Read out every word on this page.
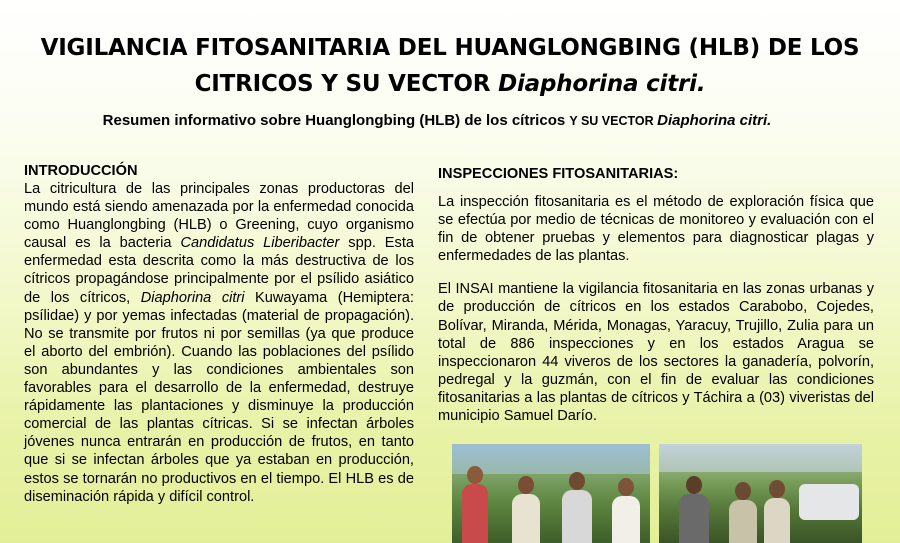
VIGILANCIA FITOSANITARIA DEL HUANGLONGBING (HLB) DE LOS
CITRICOS Y SU VECTOR Diaphorina citri.
Resumen informativo sobre Huanglongbing (HLB) de los cítricos Y SU VECTOR Diaphorina citri.
INTRODUCCIÓN

La citricultura de las principales zonas productoras del mundo está siendo amenazada por la enfermedad conocida como Huanglongbing (HLB) o Greening, cuyo organismo causal es la bacteria Candidatus Liberibacter spp. Esta enfermedad esta descrita como la más destructiva de los cítricos propagándose principalmente por el psílido asiático de los cítricos, Diaphorina citri Kuwayama (Hemiptera: psílidae) y por yemas infectadas (material de propagación). No se transmite por frutos ni por semillas (ya que produce el aborto del embrión). Cuando las poblaciones del psílido son abundantes y las condiciones ambientales son favorables para el desarrollo de la enfermedad, destruye rápidamente las plantaciones y disminuye la producción comercial de las plantas cítricas. Si se infectan árboles jóvenes nunca entrarán en producción de frutos, en tanto que si se infectan árboles que ya estaban en producción, estos se tornarán no productivos en el tiempo. El HLB es de diseminación rápida y difícil control.

INSPECCIONES FITOSANITARIAS:

La inspección fitosanitaria es el método de exploración física que se efectúa por medio de técnicas de monitoreo y evaluación con el fin de obtener pruebas y elementos para diagnosticar plagas y enfermedades de las plantas.

El INSAI mantiene la vigilancia fitosanitaria en las zonas urbanas y de producción de cítricos en los estados Carabobo, Cojedes, Bolívar, Miranda, Mérida, Monagas, Yaracuy, Trujillo, Zulia para un total de 886 inspecciones y en los estados Aragua se inspeccionaron 44 viveros de los sectores la ganadería, polvorín, pedregal y la guzmán, con el fin de evaluar las condiciones fitosanitarias a las plantas de cítricos y Táchira a (03) viveristas del municipio Samuel Darío.
